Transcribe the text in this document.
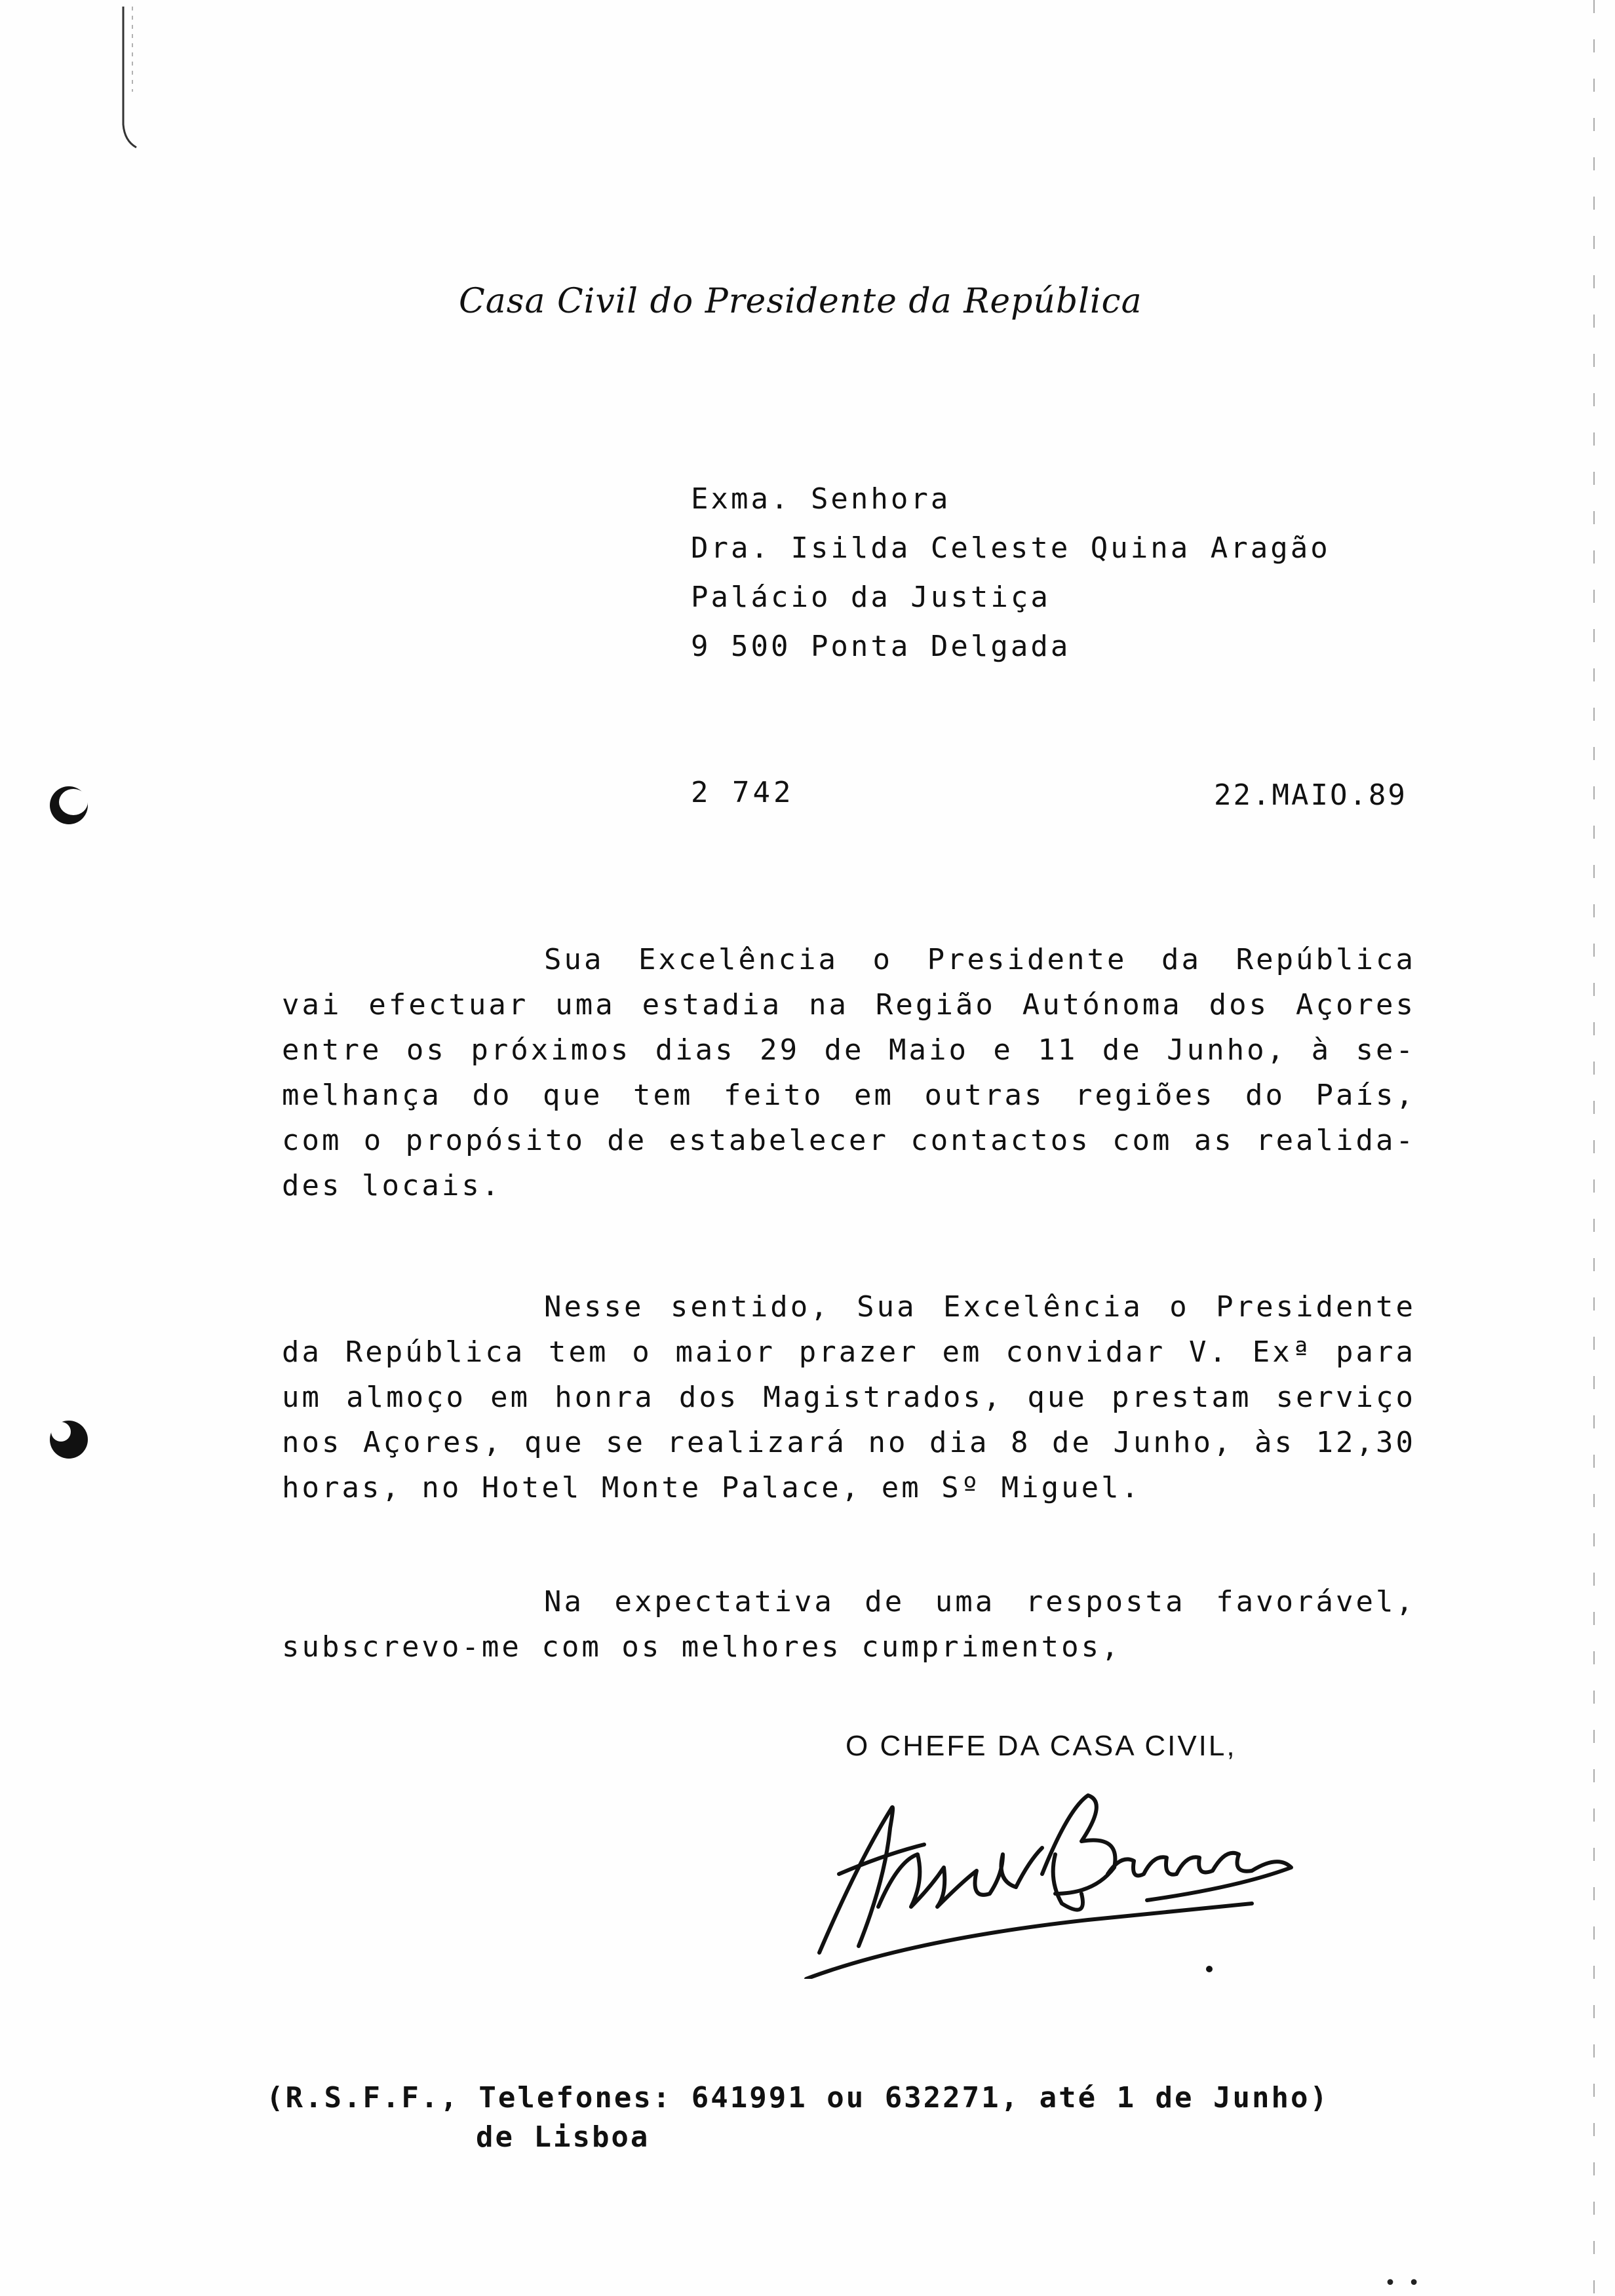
• •
Casa Civil do Presidente da República
Exma. Senhora
Dra. Isilda Celeste Quina Aragão
Palácio da Justiça
9 500 Ponta Delgada
2 742	22.MAIO.89
Sua Excelência o Presidente da República
vai efectuar uma estadia na Região Autónoma dos Açores
entre os próximos dias 29 de Maio e 11 de Junho, à se-
melhança do que tem feito em outras regiões do País,
com o propósito de estabelecer contactos com as realida-
des locais.
Nesse sentido, Sua Excelência o Presidente
da República tem o maior prazer em convidar V. Exª para
um almoço em honra dos Magistrados, que prestam serviço
nos Açores, que se realizará no dia 8 de Junho, às 12,30
horas, no Hotel Monte Palace, em Sº Miguel.
Na expectativa de uma resposta favorável,
subscrevo-me com os melhores cumprimentos,
O CHEFE DA CASA CIVIL,
(R.S.F.F., Telefones: 641991 ou 632271, até 1 de Junho)
de Lisboa
